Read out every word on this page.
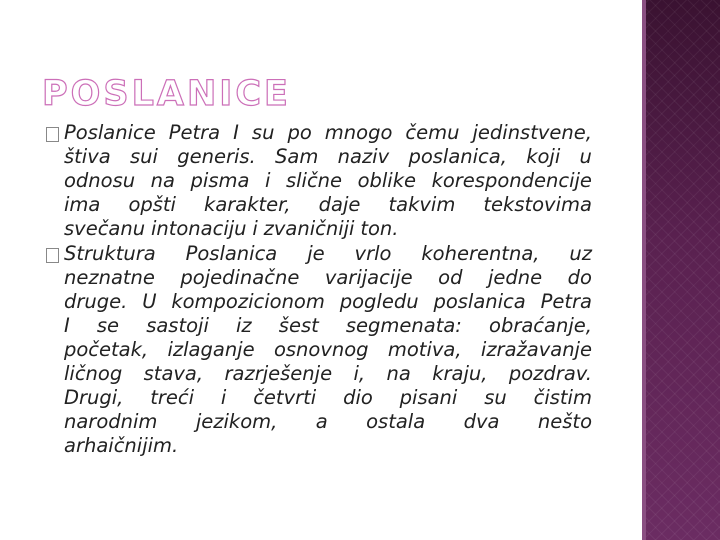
POSLANICE
Poslanice Petra I su po mnogo čemu jedinstvene,
štiva sui generis. Sam naziv poslanica, koji u
odnosu na pisma i slične oblike korespondencije
ima opšti karakter, daje takvim tekstovima
svečanu intonaciju i zvaničniji ton.
Struktura Poslanica je vrlo koherentna, uz
neznatne pojedinačne varijacije od jedne do
druge. U kompozicionom pogledu poslanica Petra
I se sastoji iz šest segmenata: obraćanje,
početak, izlaganje osnovnog motiva, izražavanje
ličnog stava, razrješenje i, na kraju, pozdrav.
Drugi, treći i četvrti dio pisani su čistim
narodnim jezikom, a ostala dva nešto
arhaičnijim.
